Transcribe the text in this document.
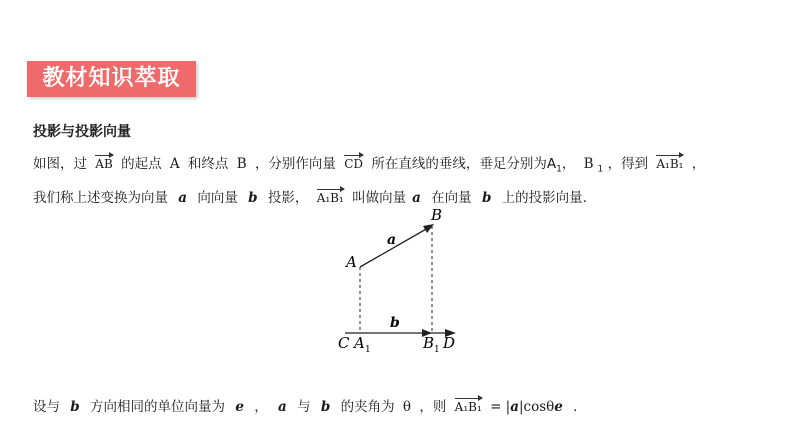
教材知识萃取
投影与投影向量
如图，过 AB 的起点 A 和终点 B ，分别作向量 CD 所在直线的垂线，垂足分别为$A_1$， B $_1$ ，得到 A₁B₁ ，
我们称上述变换为向量 a 向向量 b 投影， A₁B₁ 叫做向量 a 在向量 b 上的投影向量.
A
B
a
b
C A 1	B 1 D
设与 b 方向相同的单位向量为 e ， a 与 b 的夹角为 θ ，则 A₁B₁ = |a|cosθe .
